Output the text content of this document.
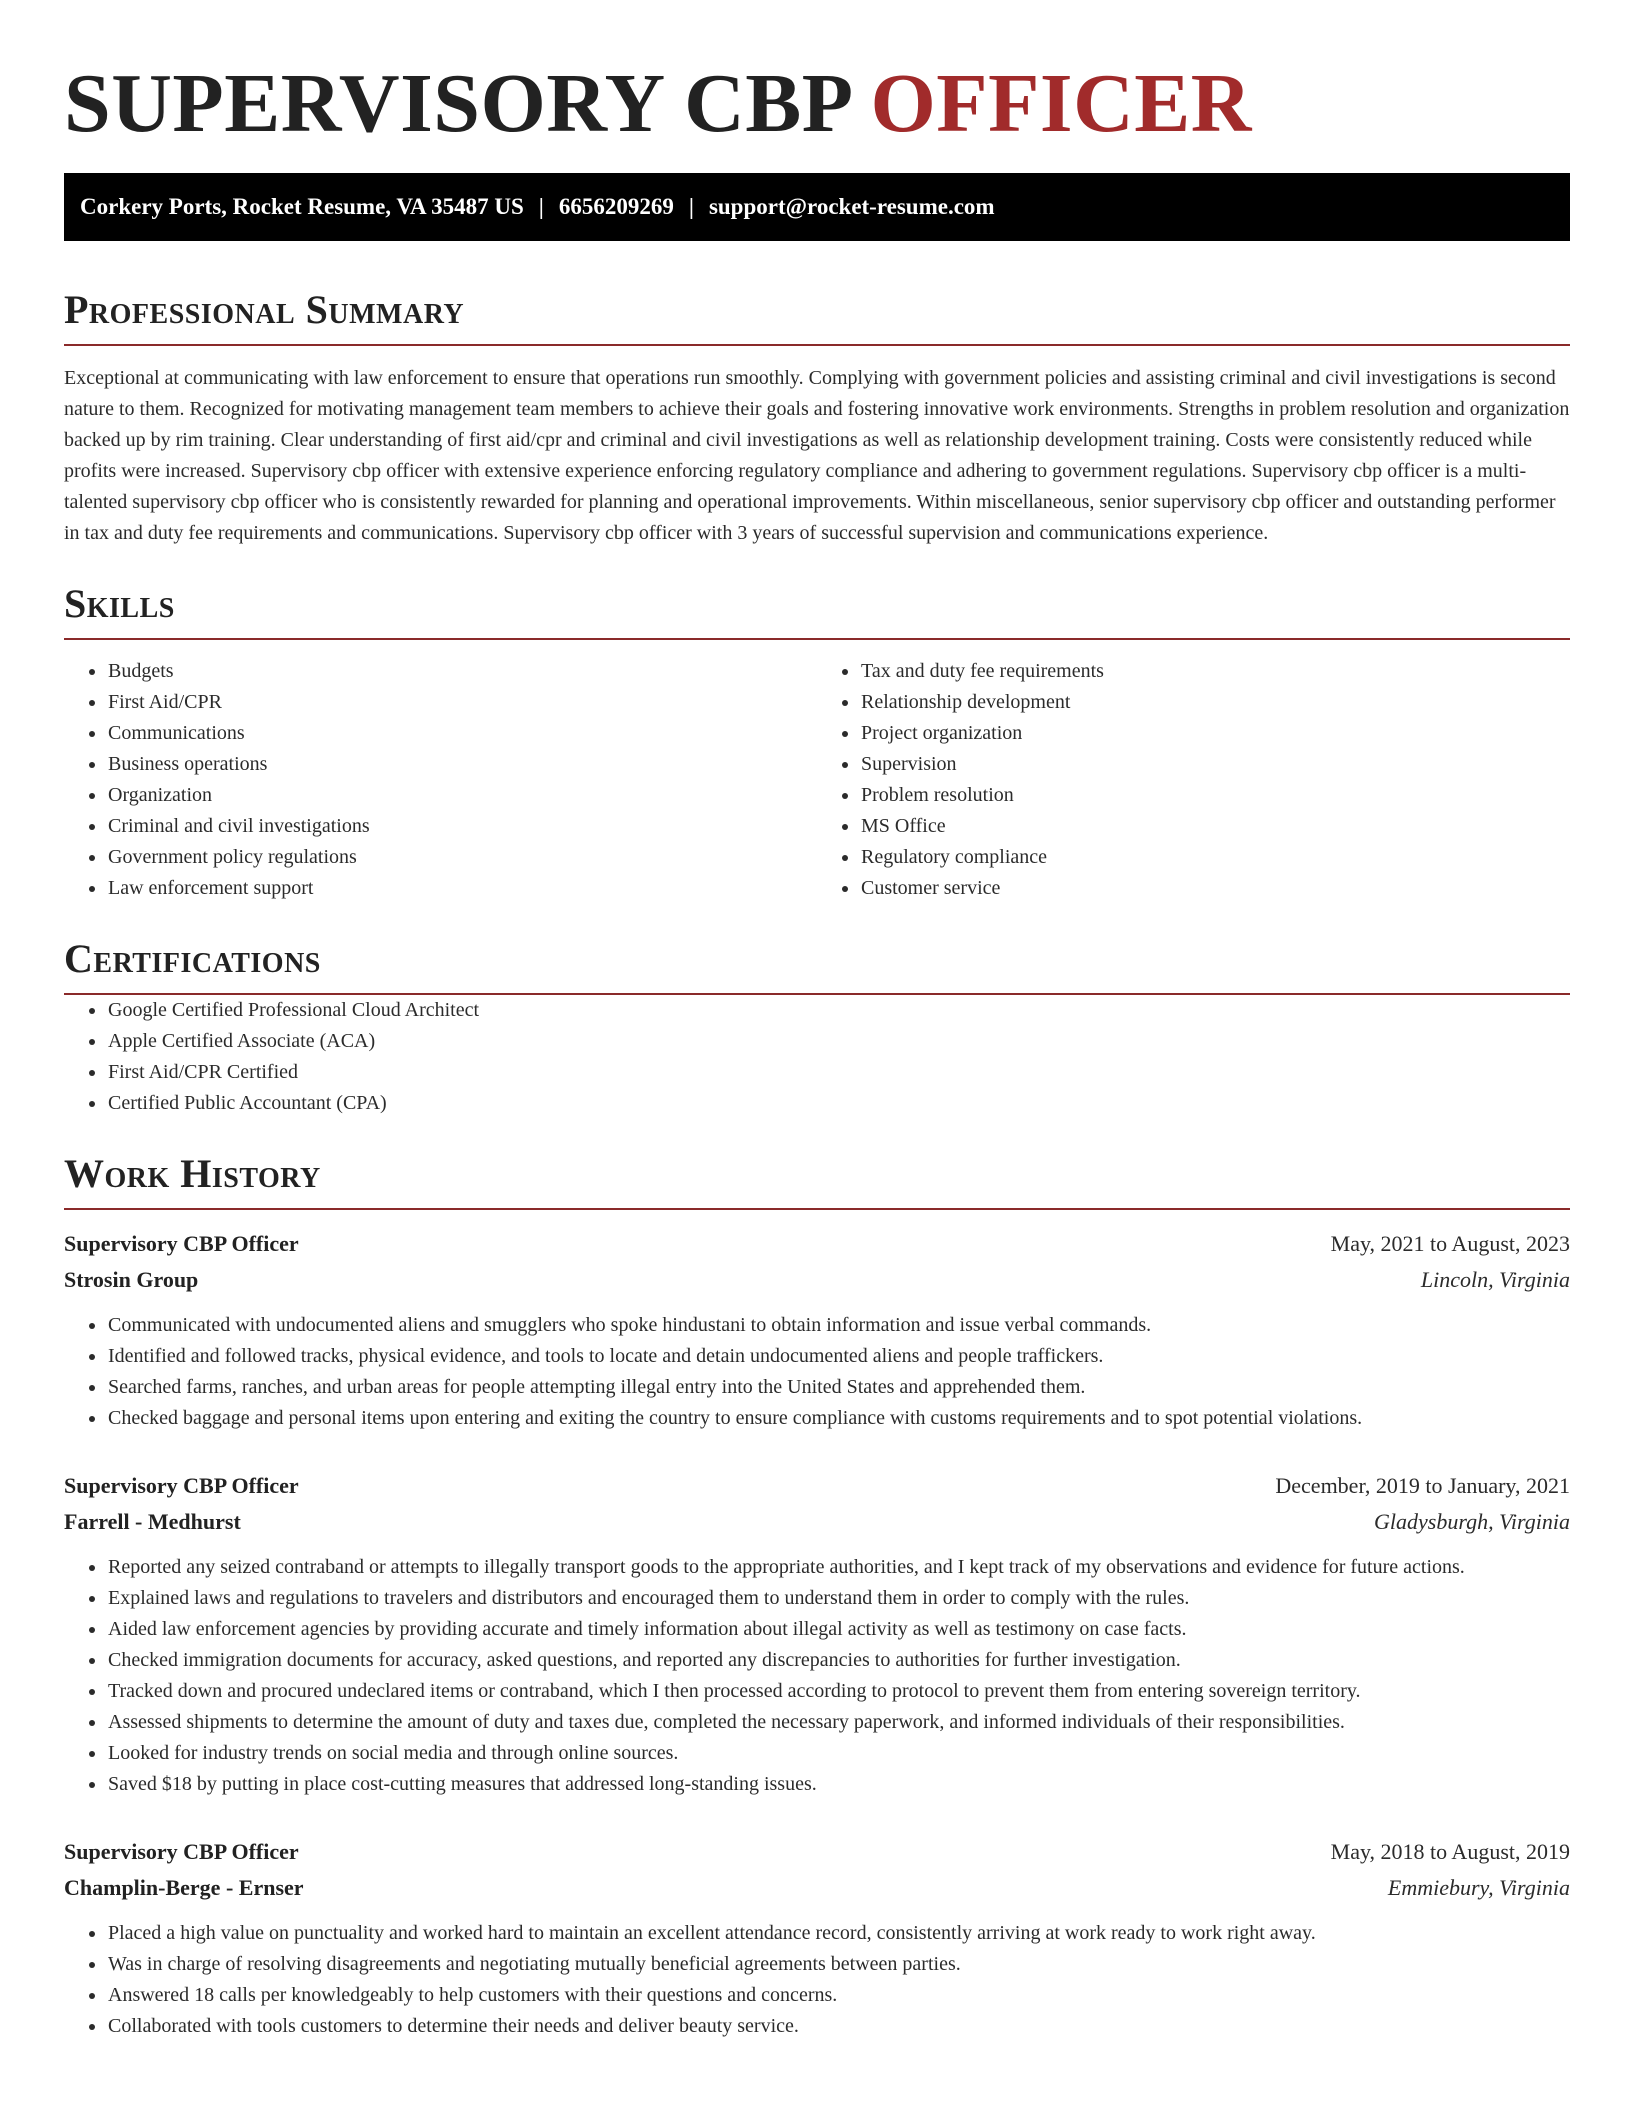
SUPERVISORY CBP OFFICER
Corkery Ports, Rocket Resume, VA 35487 US | 6656209269 | support@rocket-resume.com
Professional Summary

Exceptional at communicating with law enforcement to ensure that operations run smoothly. Complying with government policies and assisting criminal and civil investigations is second nature to them. Recognized for motivating management team members to achieve their goals and fostering innovative work environments. Strengths in problem resolution and organization backed up by rim training. Clear understanding of first aid/cpr and criminal and civil investigations as well as relationship development training. Costs were consistently reduced while profits were increased. Supervisory cbp officer with extensive experience enforcing regulatory compliance and adhering to government regulations. Supervisory cbp officer is a multi-talented supervisory cbp officer who is consistently rewarded for planning and operational improvements. Within miscellaneous, senior supervisory cbp officer and outstanding performer in tax and duty fee requirements and communications. Supervisory cbp officer with 3 years of successful supervision and communications experience.

Skills
• Budgets
• First Aid/CPR
• Communications
• Business operations
• Organization
• Criminal and civil investigations
• Government policy regulations
• Law enforcement support
• Tax and duty fee requirements
• Relationship development
• Project organization
• Supervision
• Problem resolution
• MS Office
• Regulatory compliance
• Customer service
Certifications
• Google Certified Professional Cloud Architect
• Apple Certified Associate (ACA)
• First Aid/CPR Certified
• Certified Public Accountant (CPA)
Work History
Supervisory CBP Officer	May, 2021 to August, 2023
Strosin Group	Lincoln, Virginia
• Communicated with undocumented aliens and smugglers who spoke hindustani to obtain information and issue verbal commands.
• Identified and followed tracks, physical evidence, and tools to locate and detain undocumented aliens and people traffickers.
• Searched farms, ranches, and urban areas for people attempting illegal entry into the United States and apprehended them.
• Checked baggage and personal items upon entering and exiting the country to ensure compliance with customs requirements and to spot potential violations.
Supervisory CBP Officer	December, 2019 to January, 2021
Farrell - Medhurst	Gladysburgh, Virginia
• Reported any seized contraband or attempts to illegally transport goods to the appropriate authorities, and I kept track of my observations and evidence for future actions.
• Explained laws and regulations to travelers and distributors and encouraged them to understand them in order to comply with the rules.
• Aided law enforcement agencies by providing accurate and timely information about illegal activity as well as testimony on case facts.
• Checked immigration documents for accuracy, asked questions, and reported any discrepancies to authorities for further investigation.
• Tracked down and procured undeclared items or contraband, which I then processed according to protocol to prevent them from entering sovereign territory.
• Assessed shipments to determine the amount of duty and taxes due, completed the necessary paperwork, and informed individuals of their responsibilities.
• Looked for industry trends on social media and through online sources.
• Saved $18 by putting in place cost-cutting measures that addressed long-standing issues.
Supervisory CBP Officer	May, 2018 to August, 2019
Champlin-Berge - Ernser	Emmiebury, Virginia
• Placed a high value on punctuality and worked hard to maintain an excellent attendance record, consistently arriving at work ready to work right away.
• Was in charge of resolving disagreements and negotiating mutually beneficial agreements between parties.
• Answered 18 calls per knowledgeably to help customers with their questions and concerns.
• Collaborated with tools customers to determine their needs and deliver beauty service.
